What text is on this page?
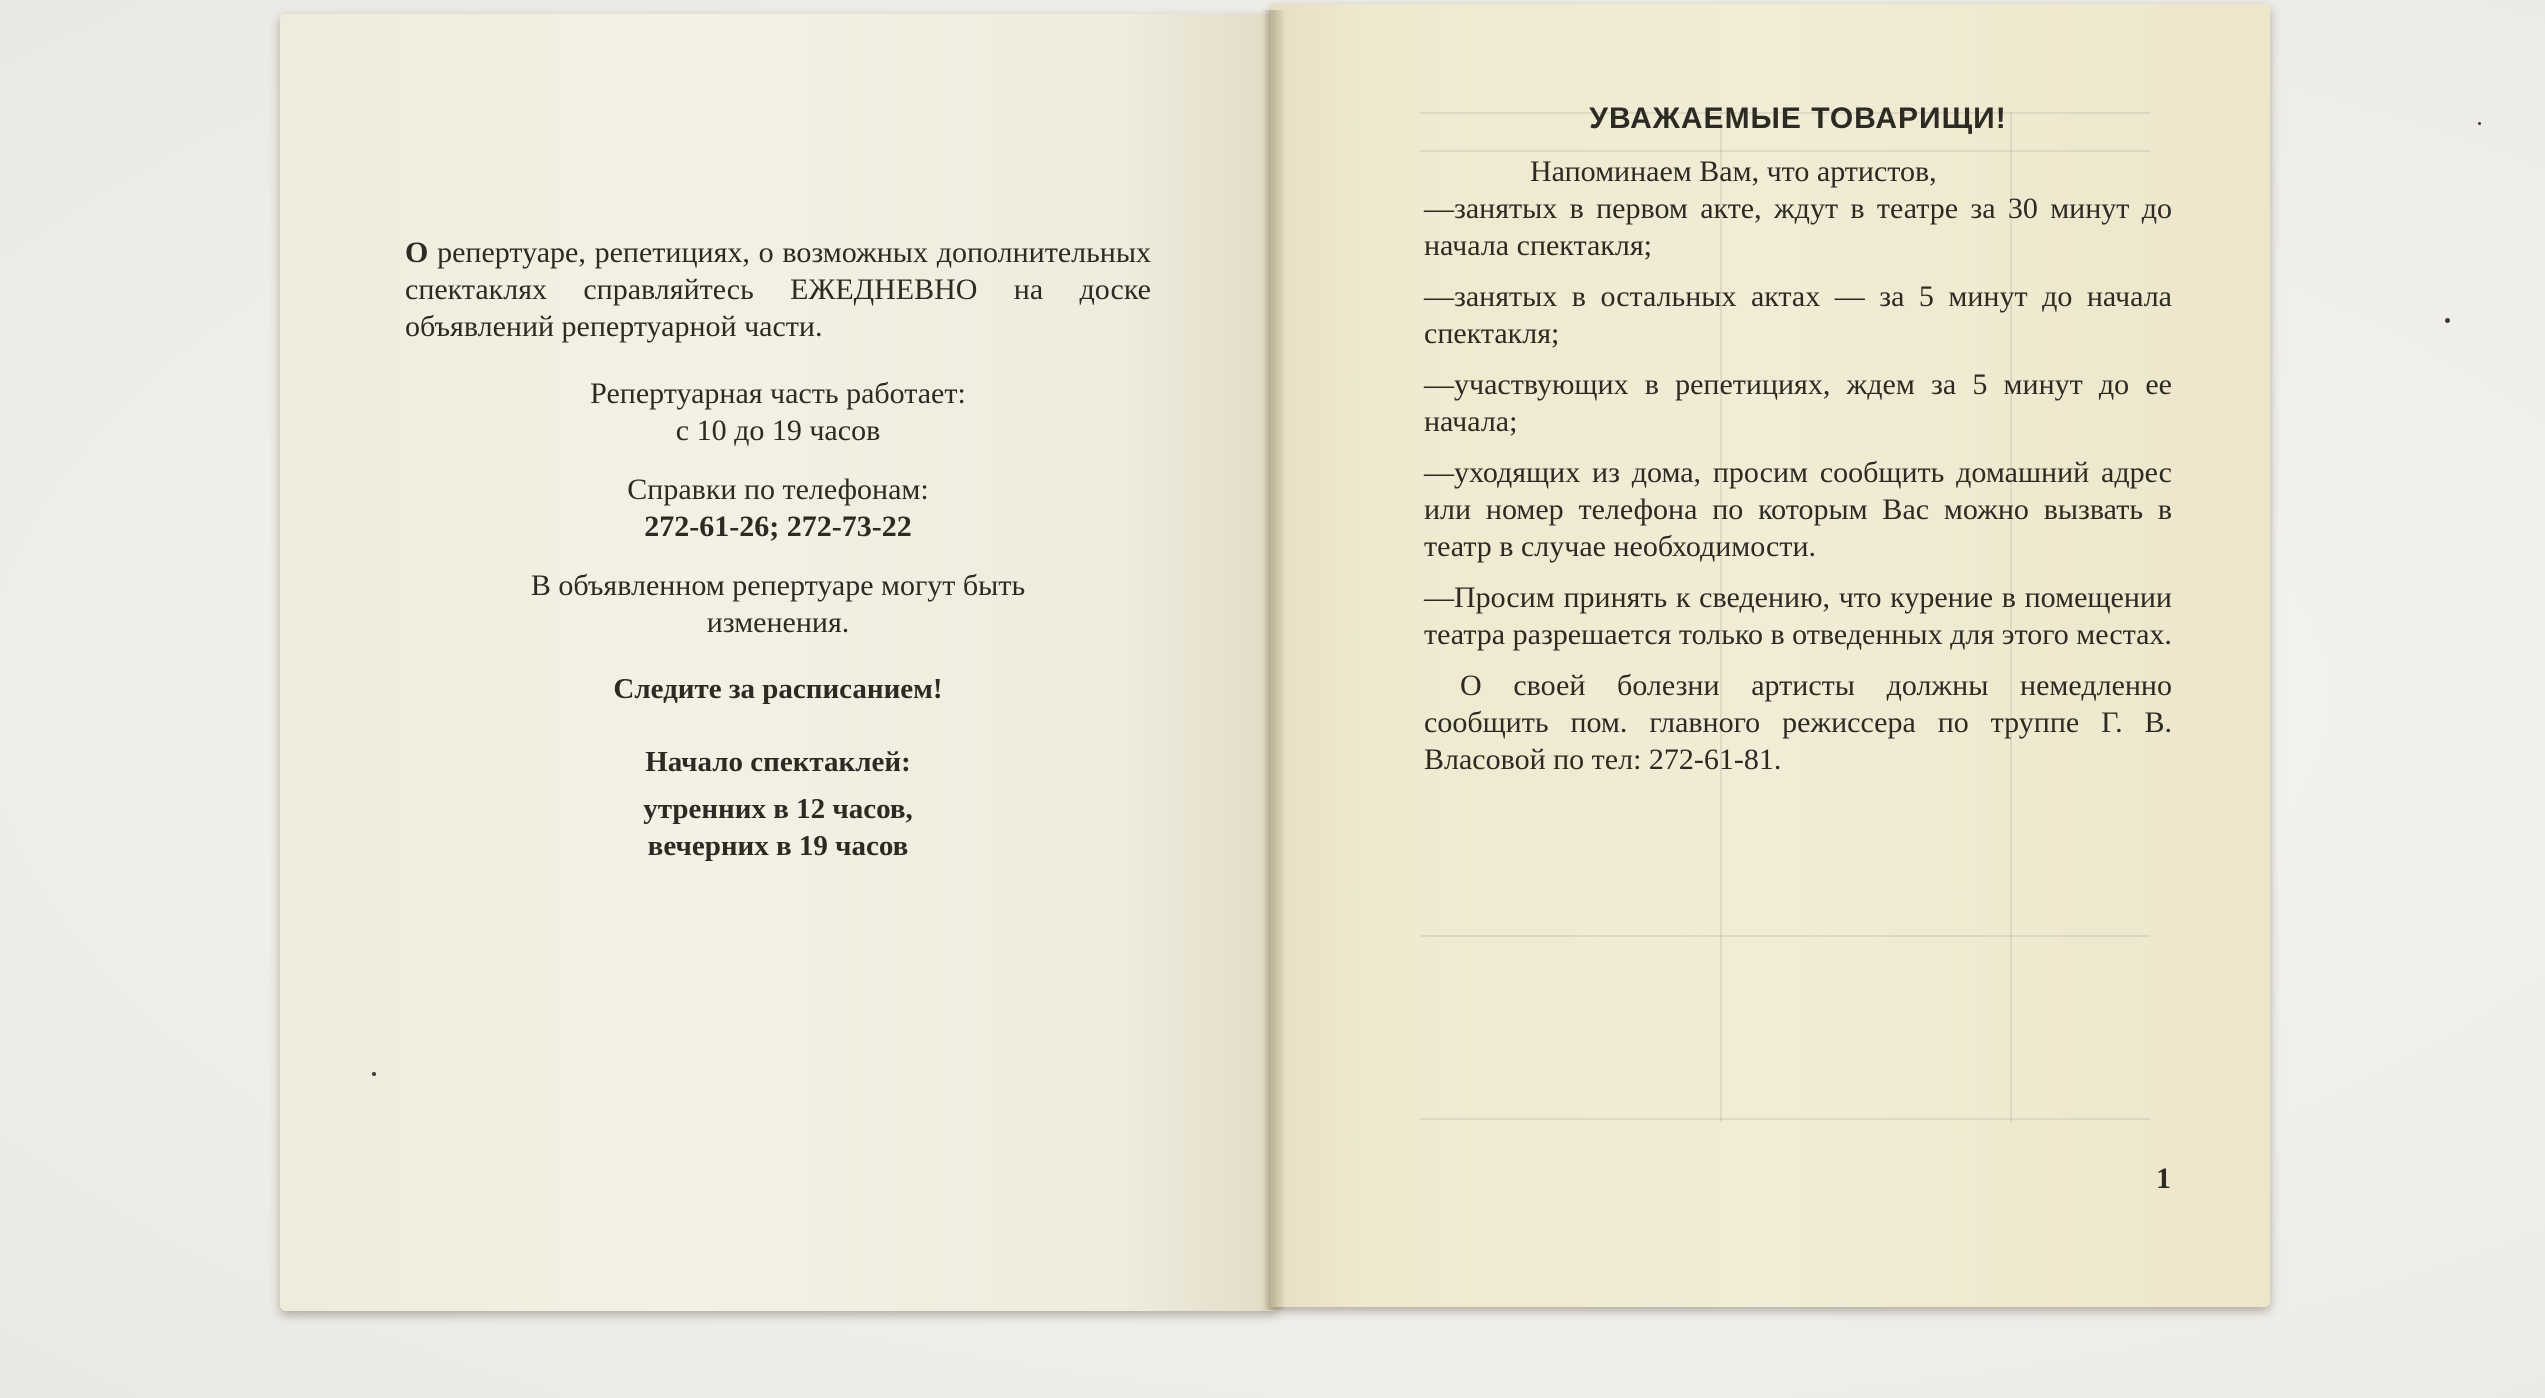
О репертуаре, репетициях, о возможных дополнительных спектаклях справляйтесь ЕЖЕДНЕВНО на доске объявлений репертуарной части.

Репертуарная часть работает:

с 10 до 19 часов

Справки по телефонам:

272-61-26; 272-73-22

В объявленном репертуаре могут быть

изменения.

Следите за расписанием!

Начало спектаклей:

утренних в 12 часов,

вечерних в 19 часов

УВАЖАЕМЫЕ ТОВАРИЩИ!

Напоминаем Вам, что артистов,

—занятых в первом акте, ждут в театре за 30 минут до начала спектакля;

—занятых в остальных актах — за 5 минут до начала спектакля;

—участвующих в репетициях, ждем за 5 минут до ее начала;

—уходящих из дома, просим сообщить домашний адрес или номер телефона по которым Вас можно вызвать в театр в случае необходимости.

—Просим принять к сведению, что курение в помещении театра разрешается только в отведенных для этого местах.

О своей болезни артисты должны немедленно сообщить пом. главного режиссера по труппе Г. В. Власовой по тел: 272-61-81.

1
